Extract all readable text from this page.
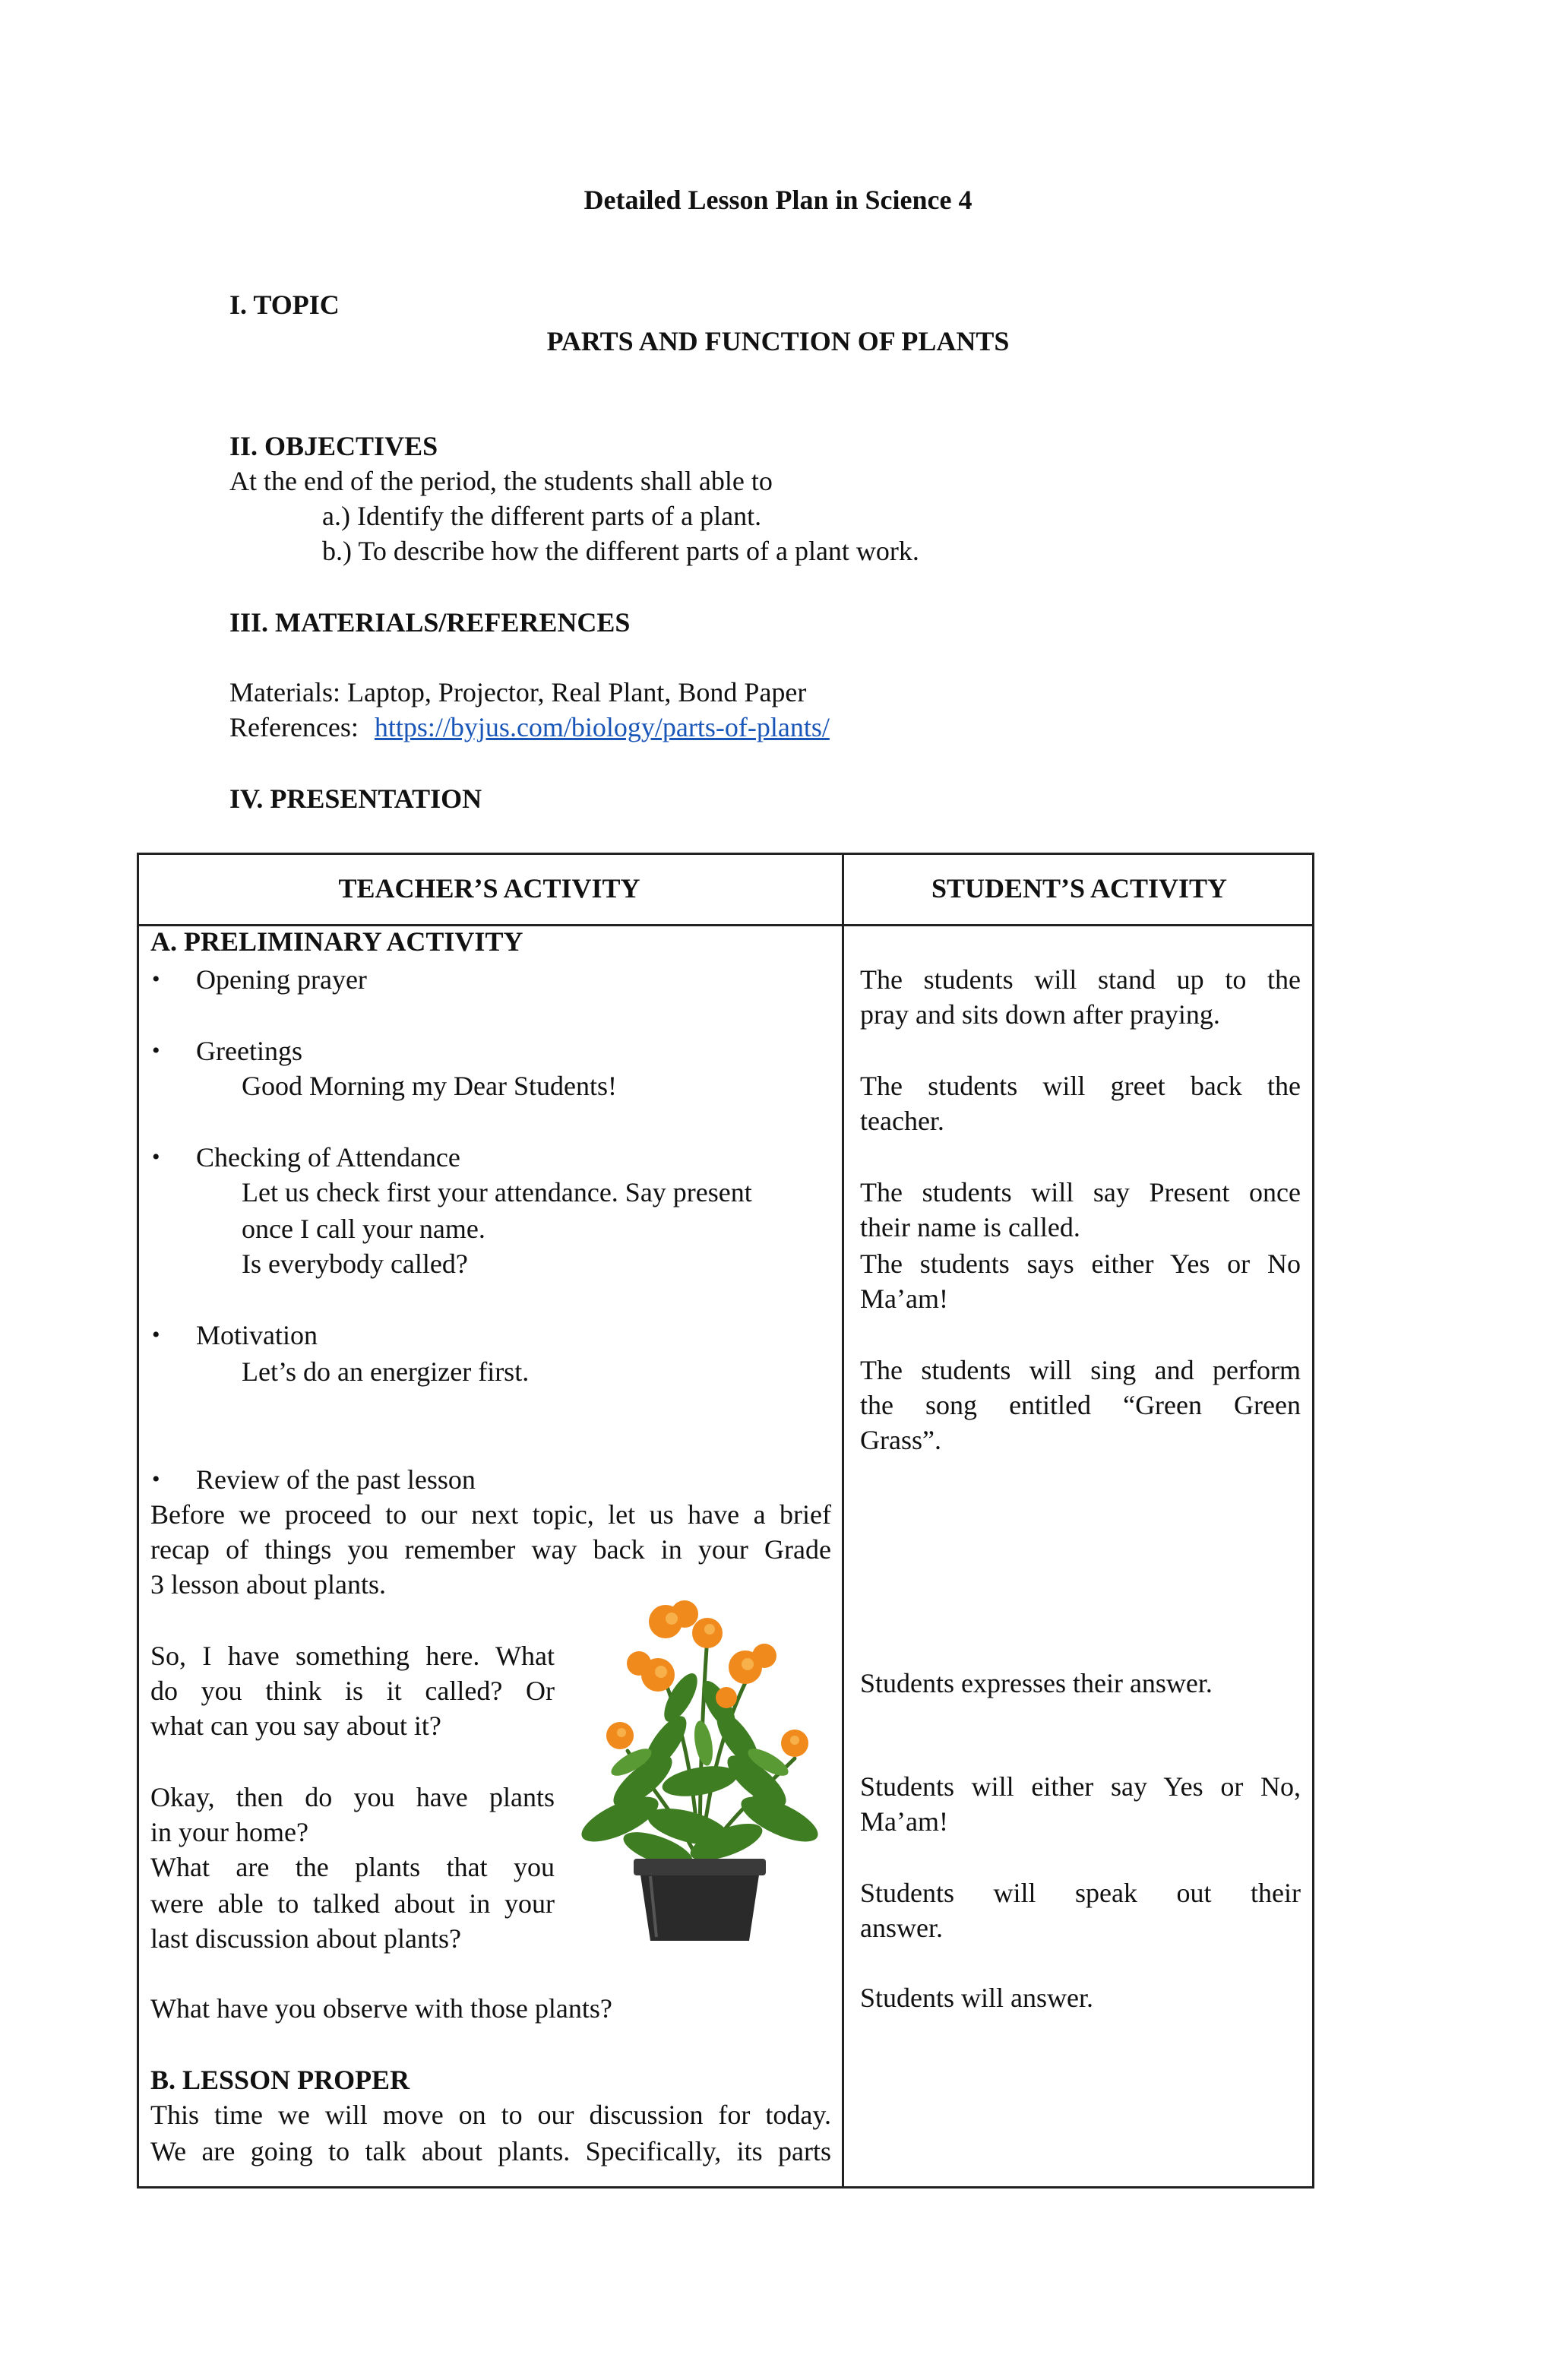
Detailed Lesson Plan in Science 4
I. TOPIC
PARTS AND FUNCTION OF PLANTS
II. OBJECTIVES
At the end of the period, the students shall able to
a.) Identify the different parts of a plant.
b.) To describe how the different parts of a plant work.
III. MATERIALS/REFERENCES
Materials: Laptop, Projector, Real Plant, Bond Paper
References: https://byjus.com/biology/parts-of-plants/
IV. PRESENTATION
TEACHER’S ACTIVITY	STUDENT’S ACTIVITY
A. PRELIMINARY ACTIVITY
• Opening prayer
• Greetings
Good Morning my Dear Students!
• Checking of Attendance
Let us check first your attendance. Say present
once I call your name.
Is everybody called?
• Motivation
Let’s do an energizer first.
• Review of the past lesson
Before we proceed to our next topic, let us have a brief
recap of things you remember way back in your Grade
3 lesson about plants.
So, I have something here. What
do you think is it called? Or
what can you say about it?
Okay, then do you have plants
in your home?
What are the plants that you
were able to talked about in your
last discussion about plants?
What have you observe with those plants?
B. LESSON PROPER
This time we will move on to our discussion for today.
We are going to talk about plants. Specifically, its parts
The students will stand up to the
pray and sits down after praying.
The students will greet back the
teacher.
The students will say Present once
their name is called.
The students says either Yes or No
Ma’am!
The students will sing and perform
the song entitled “Green Green
Grass”.
Students expresses their answer.
Students will either say Yes or No,
Ma’am!
Students will speak out their
answer.
Students will answer.
